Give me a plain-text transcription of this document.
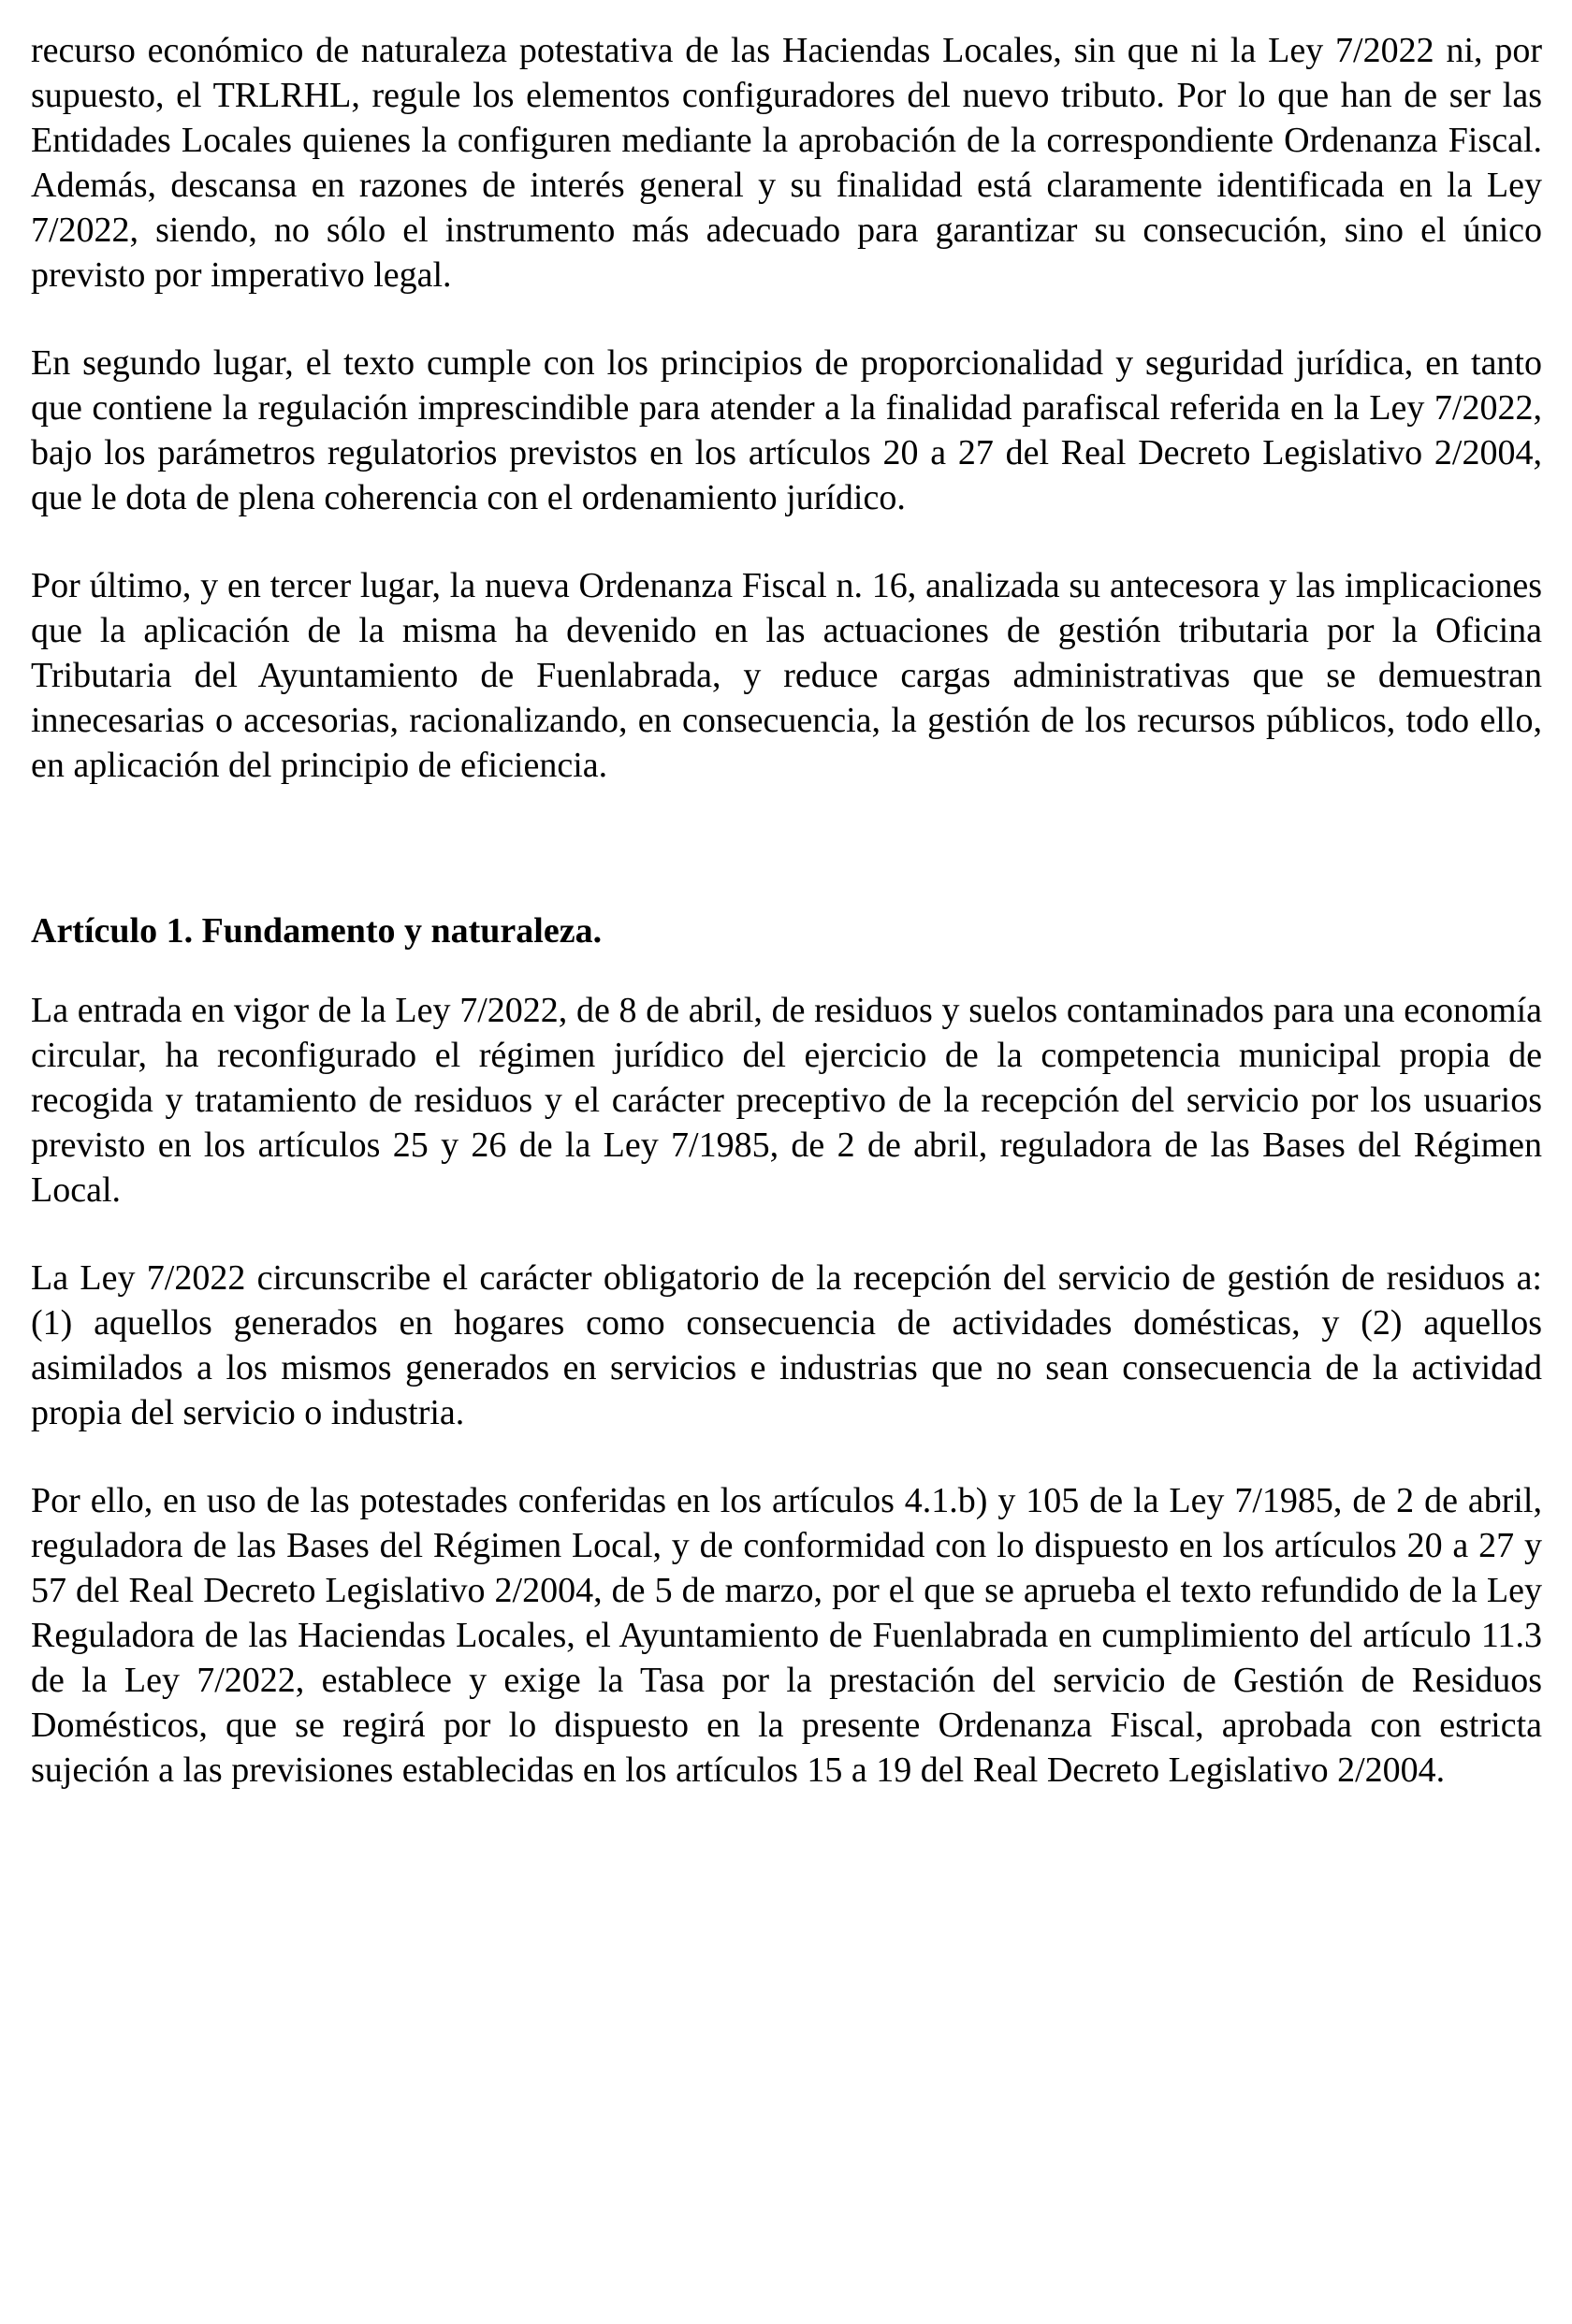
recurso económico de naturaleza potestativa de las Haciendas Locales, sin que ni la Ley 7/2022 ni, por supuesto, el TRLRHL, regule los elementos configuradores del nuevo tributo. Por lo que han de ser las Entidades Locales quienes la configuren mediante la aprobación de la correspondiente Ordenanza Fiscal. Además, descansa en razones de interés general y su finalidad está claramente identificada en la Ley 7/2022, siendo, no sólo el instrumento más adecuado para garantizar su consecución, sino el único previsto por imperativo legal.

En segundo lugar, el texto cumple con los principios de proporcionalidad y seguridad jurídica, en tanto que contiene la regulación imprescindible para atender a la finalidad parafiscal referida en la Ley 7/2022, bajo los parámetros regulatorios previstos en los artículos 20 a 27 del Real Decreto Legislativo 2/2004, que le dota de plena coherencia con el ordenamiento jurídico.

Por último, y en tercer lugar, la nueva Ordenanza Fiscal n. 16, analizada su antecesora y las implicaciones que la aplicación de la misma ha devenido en las actuaciones de gestión tributaria por la Oficina Tributaria del Ayuntamiento de Fuenlabrada, y reduce cargas administrativas que se demuestran innecesarias o accesorias, racionalizando, en consecuencia, la gestión de los recursos públicos, todo ello, en aplicación del principio de eficiencia.

Artículo 1. Fundamento y naturaleza.

La entrada en vigor de la Ley 7/2022, de 8 de abril, de residuos y suelos contaminados para una economía circular, ha reconfigurado el régimen jurídico del ejercicio de la competencia municipal propia de recogida y tratamiento de residuos y el carácter preceptivo de la recepción del servicio por los usuarios previsto en los artículos 25 y 26 de la Ley 7/1985, de 2 de abril, reguladora de las Bases del Régimen Local.

La Ley 7/2022 circunscribe el carácter obligatorio de la recepción del servicio de gestión de residuos a: (1) aquellos generados en hogares como consecuencia de actividades domésticas, y (2) aquellos asimilados a los mismos generados en servicios e industrias que no sean consecuencia de la actividad propia del servicio o industria.

Por ello, en uso de las potestades conferidas en los artículos 4.1.b) y 105 de la Ley 7/1985, de 2 de abril, reguladora de las Bases del Régimen Local, y de conformidad con lo dispuesto en los artículos 20 a 27 y 57 del Real Decreto Legislativo 2/2004, de 5 de marzo, por el que se aprueba el texto refundido de la Ley Reguladora de las Haciendas Locales, el Ayuntamiento de Fuenlabrada en cumplimiento del artículo 11.3 de la Ley 7/2022, establece y exige la Tasa por la prestación del servicio de Gestión de Residuos Domésticos, que se regirá por lo dispuesto en la presente Ordenanza Fiscal, aprobada con estricta sujeción a las previsiones establecidas en los artículos 15 a 19 del Real Decreto Legislativo 2/2004.
